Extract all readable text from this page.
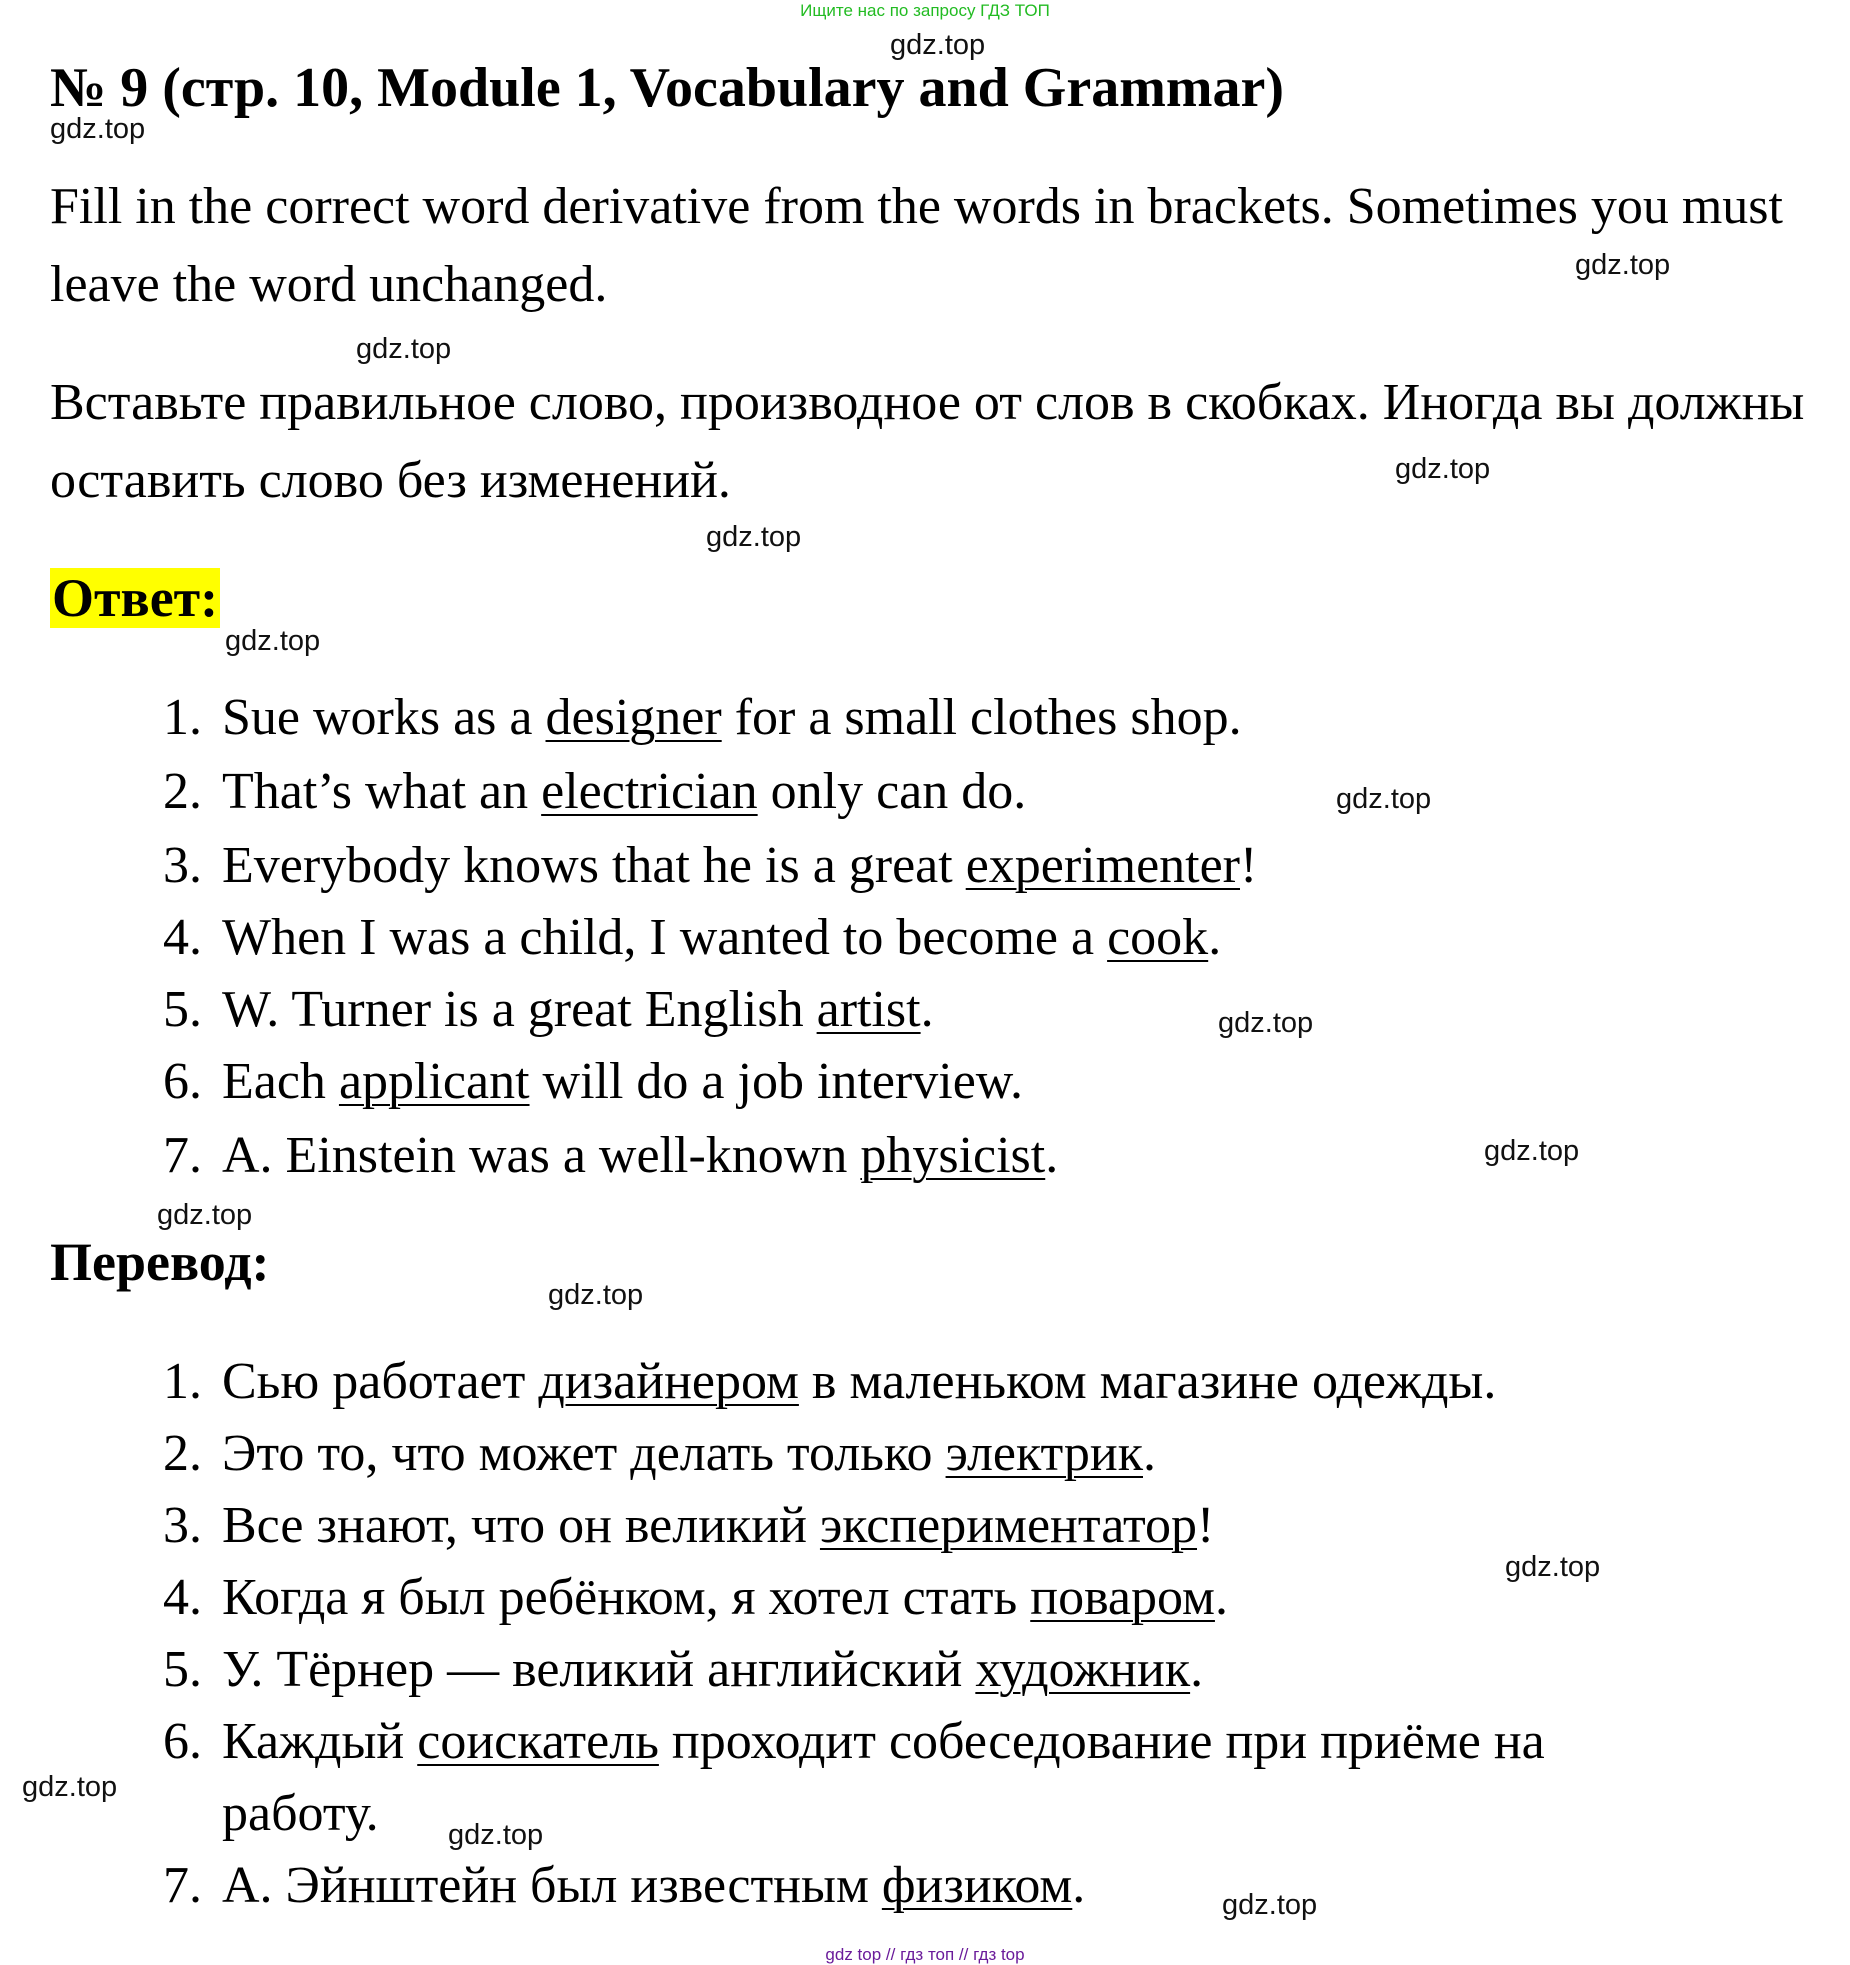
Ищите нас по запросу ГДЗ ТОП
gdz.top
gdz.top
gdz.top
gdz.top
gdz.top
gdz.top
gdz.top
gdz.top
gdz.top
gdz.top
gdz.top
gdz.top
gdz.top
gdz.top
gdz.top
gdz.top
№ 9 (стр. 10, Module 1, Vocabulary and Grammar)
Fill in the correct word derivative from the words in brackets. Sometimes you must leave the word unchanged.
Вставьте правильное слово, производное от слов в скобках. Иногда вы должны оставить слово без изменений.
Ответ:
1. Sue works as a designer for a small clothes shop.
2. That’s what an electrician only can do.
3. Everybody knows that he is a great experimenter!
4. When I was a child, I wanted to become a cook.
5. W. Turner is a great English artist.
6. Each applicant will do a job interview.
7. A. Einstein was a well-known physicist.
Перевод:
1. Сью работает дизайнером в маленьком магазине одежды.
2. Это то, что может делать только электрик.
3. Все знают, что он великий экспериментатор!
4. Когда я был ребёнком, я хотел стать поваром.
5. У. Тёрнер — великий английский художник.
6. Каждый соискатель проходит собеседование при приёме на
работу.
7. А. Эйнштейн был известным физиком.
gdz top // гдз топ // гдз top
